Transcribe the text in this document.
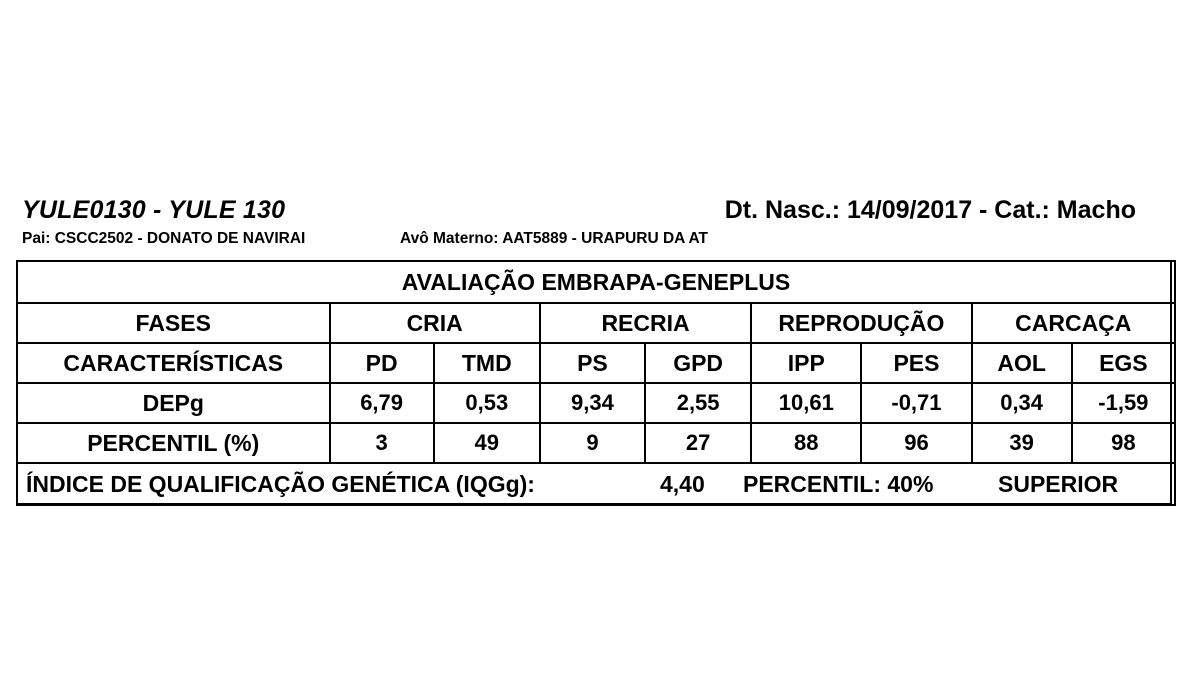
YULE0130 - YULE 130	Dt. Nasc.: 14/09/2017 - Cat.: Macho
Pai: CSCC2502 - DONATO DE NAVIRAI	Avô Materno: AAT5889 - URAPURU DA AT
AVALIAÇÃO EMBRAPA-GENEPLUS								
FASES	CRIA		RECRIA		REPRODUÇÃO		CARCAÇA	
CARACTERÍSTICAS	PD	TMD	PS	GPD	IPP	PES	AOL	EGS
DEPg	6,79	0,53	9,34	2,55	10,61	-0,71	0,34	-1,59
PERCENTIL (%)	3	49	9	27	88	96	39	98

ÍNDICE DE QUALIFICAÇÃO GENÉTICA (IQGg): 4,40 PERCENTIL: 40% SUPERIOR								
